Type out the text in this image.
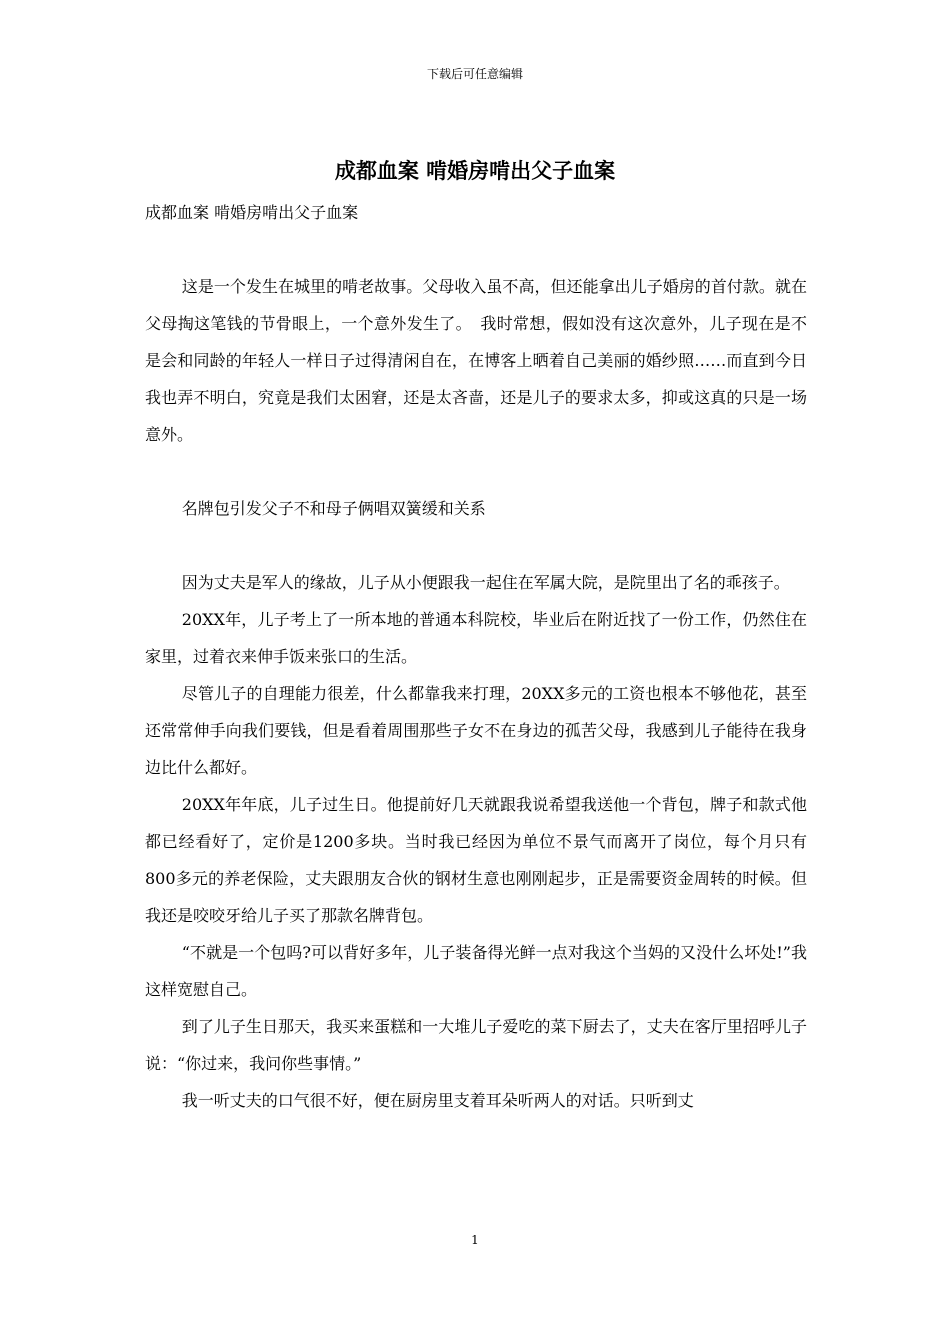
下载后可任意编辑
成都血案 啃婚房啃出父子血案

成都血案 啃婚房啃出父子血案

这是一个发生在城里的啃老故事。父母收入虽不高，但还能拿出儿子婚房的首付款。就在父母掏这笔钱的节骨眼上，一个意外发生了。　我时常想，假如没有这次意外，儿子现在是不是会和同龄的年轻人一样日子过得清闲自在，在博客上晒着自己美丽的婚纱照……而直到今日我也弄不明白，究竟是我们太困窘，还是太吝啬，还是儿子的要求太多，抑或这真的只是一场意外。

名牌包引发父子不和母子俩唱双簧缓和关系

因为丈夫是军人的缘故，儿子从小便跟我一起住在军属大院，是院里出了名的乖孩子。

20XX年，儿子考上了一所本地的普通本科院校，毕业后在附近找了一份工作，仍然住在家里，过着衣来伸手饭来张口的生活。

尽管儿子的自理能力很差，什么都靠我来打理，20XX多元的工资也根本不够他花，甚至还常常伸手向我们要钱，但是看着周围那些子女不在身边的孤苦父母，我感到儿子能待在我身边比什么都好。

20XX年年底，儿子过生日。他提前好几天就跟我说希望我送他一个背包，牌子和款式他都已经看好了，定价是1200多块。当时我已经因为单位不景气而离开了岗位，每个月只有800多元的养老保险，丈夫跟朋友合伙的钢材生意也刚刚起步，正是需要资金周转的时候。但我还是咬咬牙给儿子买了那款名牌背包。

“不就是一个包吗?可以背好多年，儿子装备得光鲜一点对我这个当妈的又没什么坏处!”我这样宽慰自己。

到了儿子生日那天，我买来蛋糕和一大堆儿子爱吃的菜下厨去了，丈夫在客厅里招呼儿子说：“你过来，我问你些事情。”

我一听丈夫的口气很不好，便在厨房里支着耳朵听两人的对话。只听到丈

1
